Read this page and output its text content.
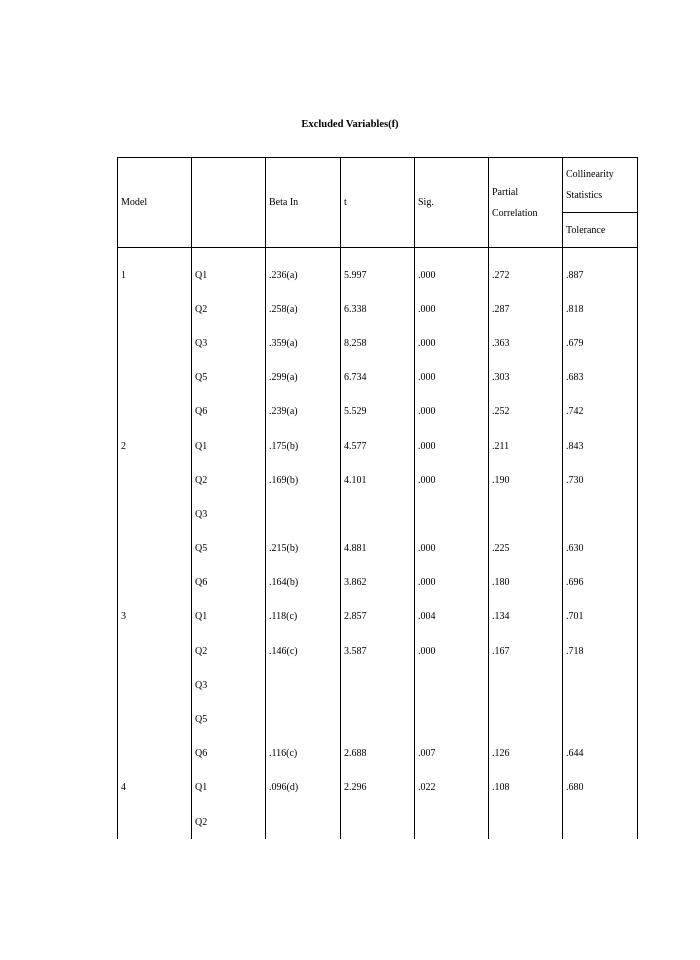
Excluded Variables(f)
Model		Beta In	t	Sig.	Partial Correlation	Collinearity Statistics
						Tolerance
1	Q1	.236(a)	5.997	.000	.272	.887
	Q2	.258(a)	6.338	.000	.287	.818
	Q3	.359(a)	8.258	.000	.363	.679
	Q5	.299(a)	6.734	.000	.303	.683
	Q6	.239(a)	5.529	.000	.252	.742
2	Q1	.175(b)	4.577	.000	.211	.843
	Q2	.169(b)	4.101	.000	.190	.730
	Q3					
	Q5	.215(b)	4.881	.000	.225	.630
	Q6	.164(b)	3.862	.000	.180	.696
3	Q1	.118(c)	2.857	.004	.134	.701
	Q2	.146(c)	3.587	.000	.167	.718
	Q3					
	Q5					
	Q6	.116(c)	2.688	.007	.126	.644
4	Q1	.096(d)	2.296	.022	.108	.680
	Q2					
